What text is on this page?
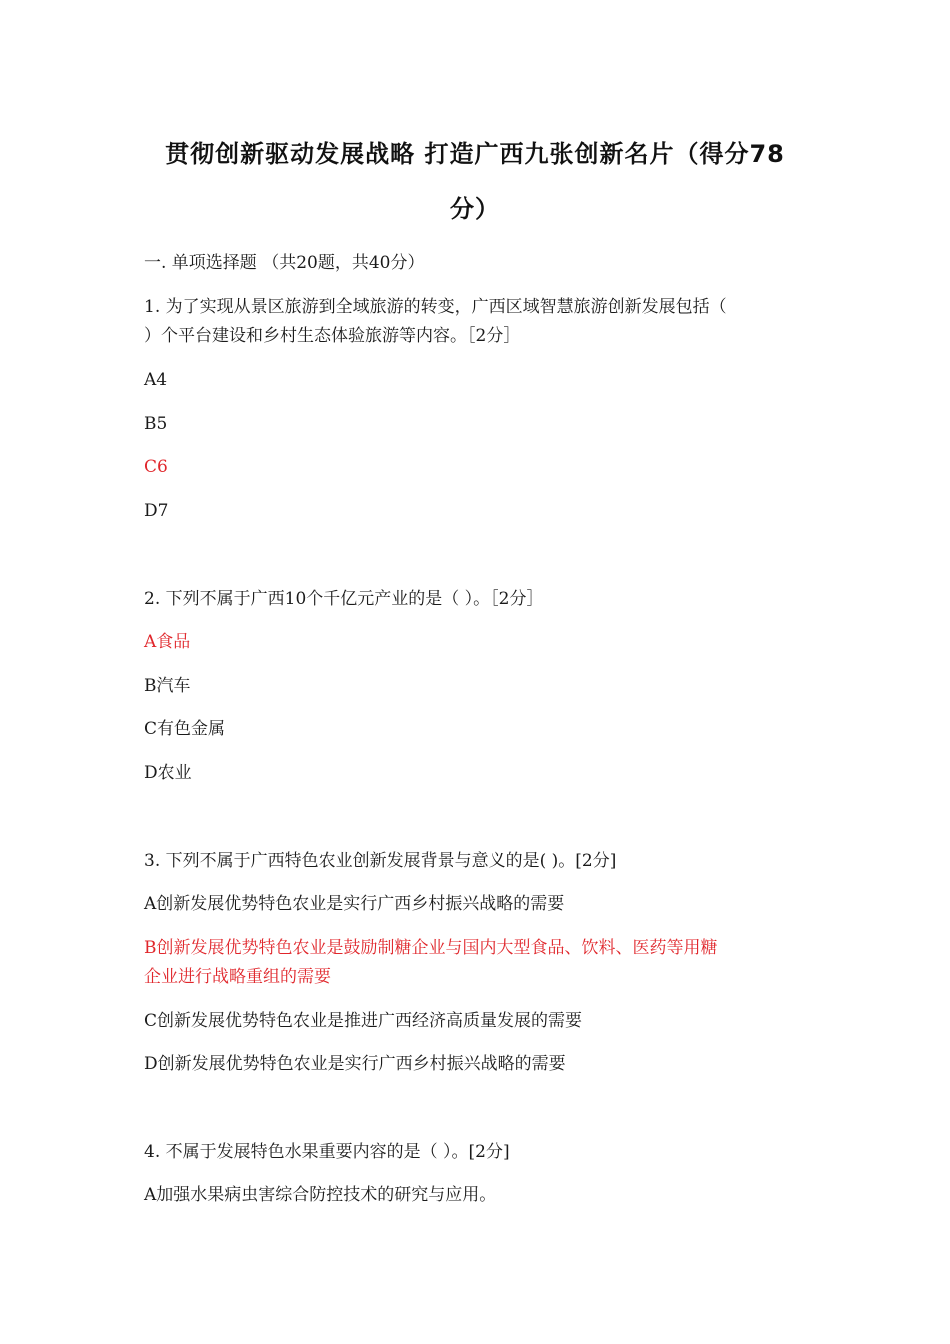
贯彻创新驱动发展战略 打造广西九张创新名片（得分78
分）
一. 单项选择题 （共20题，共40分）
1. 为了实现从景区旅游到全域旅游的转变，广西区域智慧旅游创新发展包括（
）个平台建设和乡村生态体验旅游等内容。［2分］
A4
B5
C6
D7
2. 下列不属于广西10个千亿元产业的是（ ）。［2分］
A食品
B汽车
C有色金属
D农业
3. 下列不属于广西特色农业创新发展背景与意义的是( )。[2分]
A创新发展优势特色农业是实行广西乡村振兴战略的需要
B创新发展优势特色农业是鼓励制糖企业与国内大型食品、饮料、医药等用糖
企业进行战略重组的需要
C创新发展优势特色农业是推进广西经济高质量发展的需要
D创新发展优势特色农业是实行广西乡村振兴战略的需要
4. 不属于发展特色水果重要内容的是（ ）。[2分]
A加强水果病虫害综合防控技术的研究与应用。
